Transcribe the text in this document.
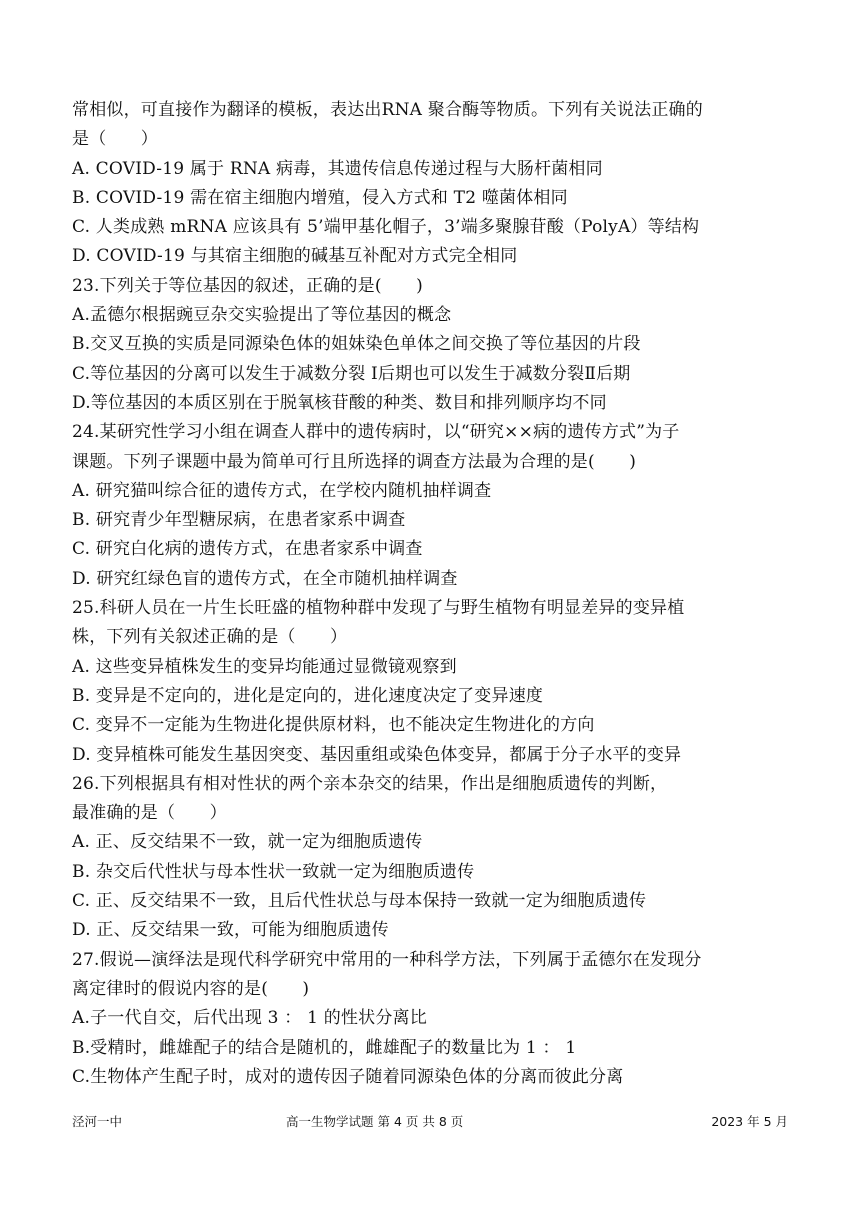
常相似，可直接作为翻译的模板，表达出RNA 聚合酶等物质。下列有关说法正确的
是（　　）
A. COVID-19 属于 RNA 病毒，其遗传信息传递过程与大肠杆菌相同
B. COVID-19 需在宿主细胞内增殖，侵入方式和 T2 噬菌体相同
C. 人类成熟 mRNA 应该具有 5’端甲基化帽子，3’端多聚腺苷酸（PolyA）等结构
D. COVID-19 与其宿主细胞的碱基互补配对方式完全相同
23.下列关于等位基因的叙述，正确的是(　　)
A.孟德尔根据豌豆杂交实验提出了等位基因的概念
B.交叉互换的实质是同源染色体的姐妹染色单体之间交换了等位基因的片段
C.等位基因的分离可以发生于减数分裂 Ⅰ后期也可以发生于减数分裂Ⅱ后期
D.等位基因的本质区别在于脱氧核苷酸的种类、数目和排列顺序均不同
24.某研究性学习小组在调查人群中的遗传病时，以“研究××病的遗传方式”为子
课题。下列子课题中最为简单可行且所选择的调查方法最为合理的是(　　)
A. 研究猫叫综合征的遗传方式，在学校内随机抽样调查
B. 研究青少年型糖尿病，在患者家系中调查
C. 研究白化病的遗传方式，在患者家系中调查
D. 研究红绿色盲的遗传方式，在全市随机抽样调查
25.科研人员在一片生长旺盛的植物种群中发现了与野生植物有明显差异的变异植
株，下列有关叙述正确的是（　　）
A. 这些变异植株发生的变异均能通过显微镜观察到
B. 变异是不定向的，进化是定向的，进化速度决定了变异速度
C. 变异不一定能为生物进化提供原材料，也不能决定生物进化的方向
D. 变异植株可能发生基因突变、基因重组或染色体变异，都属于分子水平的变异
26.下列根据具有相对性状的两个亲本杂交的结果，作出是细胞质遗传的判断，
最准确的是（　　）
A. 正、反交结果不一致，就一定为细胞质遗传
B. 杂交后代性状与母本性状一致就一定为细胞质遗传
C. 正、反交结果不一致，且后代性状总与母本保持一致就一定为细胞质遗传
D. 正、反交结果一致，可能为细胞质遗传
27.假说—演绎法是现代科学研究中常用的一种科学方法，下列属于孟德尔在发现分
离定律时的假说内容的是(　　)
A.子一代自交，后代出现 3 ： 1 的性状分离比
B.受精时，雌雄配子的结合是随机的，雌雄配子的数量比为 1 ： 1
C.生物体产生配子时，成对的遗传因子随着同源染色体的分离而彼此分离
泾河一中	高一生物学试题 第 4 页 共 8 页	2023 年 5 月
